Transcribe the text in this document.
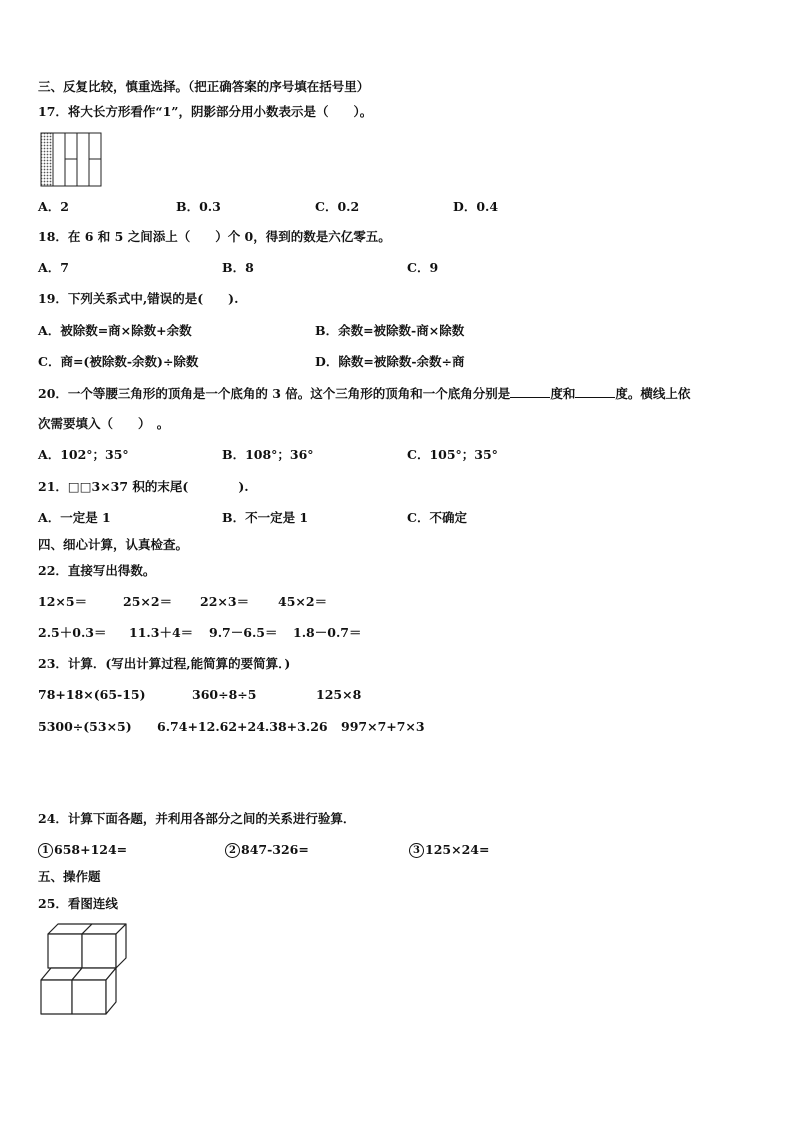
三、反复比较，慎重选择。（把正确答案的序号填在括号里）
17．将大长方形看作“1”，阴影部分用小数表示是（　　）。
A．2	B．0.3	C．0.2	D．0.4
18．在 6 和 5 之间添上（　　）个 0，得到的数是六亿零五。
A．7	B．8	C．9
19．下列关系式中,错误的是(　　).
A．被除数=商×除数+余数	B．余数=被除数-商×除数
C．商=(被除数-余数)÷除数	D．除数=被除数-余数÷商
20．一个等腰三角形的顶角是一个底角的 3 倍。这个三角形的顶角和一个底角分别是	度和	度。横线上依
次需要填入（　　）　。
A．102°；35°	B．108°；36°	C．105°；35°
21．□□3×37 积的末尾(　　　　).
A．一定是 1	B．不一定是 1	C．不确定
四、细心计算，认真检查。
22．直接写出得数。
12×5＝	25×2＝ 22×3＝ 45×2＝
2.5＋0.3＝ 11.3＋4＝ 9.7－6.5＝ 1.8－0.7＝
23．计算．(写出计算过程,能简算的要简算．)
78+18×(65-15)	360÷8÷5	125×8
5300÷(53×5) 6.74+12.62+24.38+3.26 997×7+7×3
24．计算下面各题，并利用各部分之间的关系进行验算．
1 658+124=	2 847-326=	3 125×24=
五、操作题
25．看图连线
